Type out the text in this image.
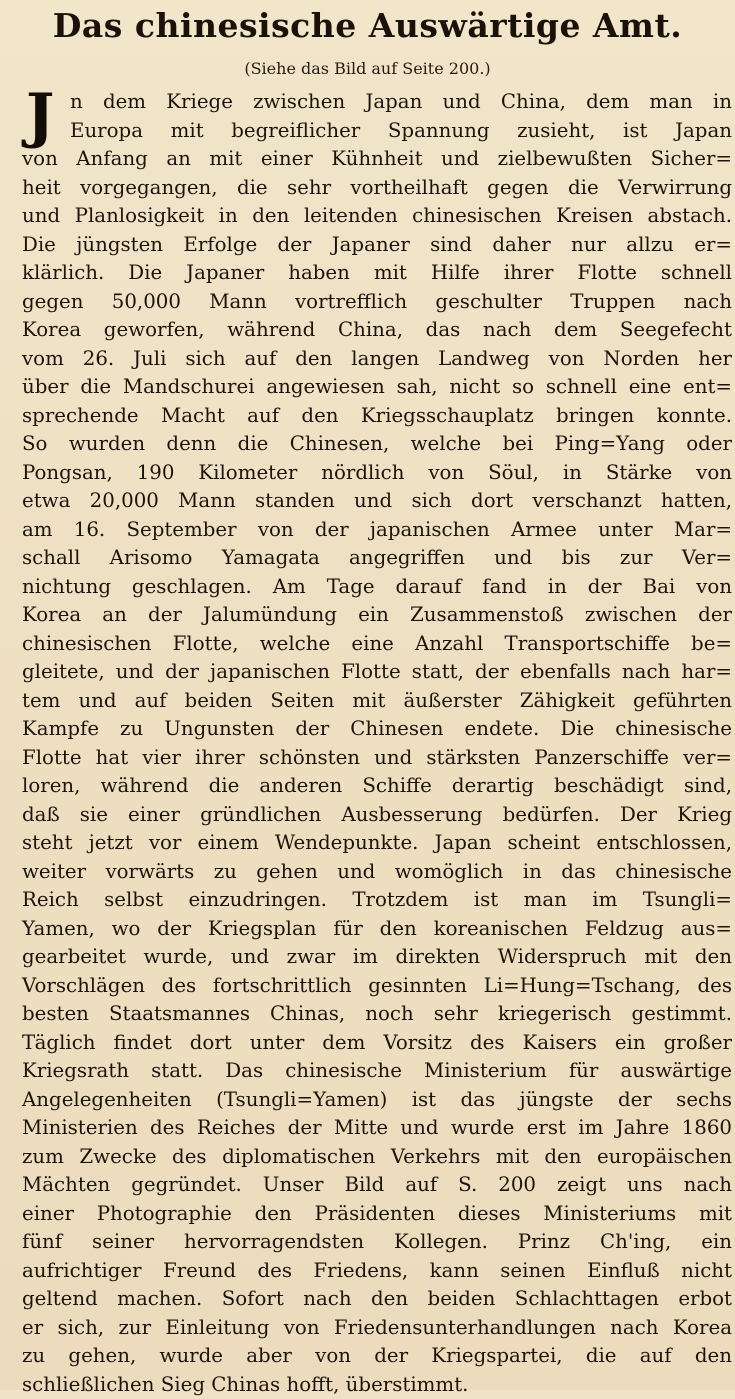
Das chinesische Auswärtige Amt.
(Siehe das Bild auf Seite 200.)
J n dem Kriege zwischen Japan und China, dem man in
Europa mit begreiflicher Spannung zusieht, ist Japan
von Anfang an mit einer Kühnheit und zielbewußten Sicher=
heit vorgegangen, die sehr vortheilhaft gegen die Verwirrung
und Planlosigkeit in den leitenden chinesischen Kreisen abstach.
Die jüngsten Erfolge der Japaner sind daher nur allzu er=
klärlich. Die Japaner haben mit Hilfe ihrer Flotte schnell
gegen 50,000 Mann vortrefflich geschulter Truppen nach
Korea geworfen, während China, das nach dem Seegefecht
vom 26. Juli sich auf den langen Landweg von Norden her
über die Mandschurei angewiesen sah, nicht so schnell eine ent=
sprechende Macht auf den Kriegsschauplatz bringen konnte.
So wurden denn die Chinesen, welche bei Ping=Yang oder
Pongsan, 190 Kilometer nördlich von Söul, in Stärke von
etwa 20,000 Mann standen und sich dort verschanzt hatten,
am 16. September von der japanischen Armee unter Mar=
schall Arisomo Yamagata angegriffen und bis zur Ver=
nichtung geschlagen. Am Tage darauf fand in der Bai von
Korea an der Jalumündung ein Zusammenstoß zwischen der
chinesischen Flotte, welche eine Anzahl Transportschiffe be=
gleitete, und der japanischen Flotte statt, der ebenfalls nach har=
tem und auf beiden Seiten mit äußerster Zähigkeit geführten
Kampfe zu Ungunsten der Chinesen endete. Die chinesische
Flotte hat vier ihrer schönsten und stärksten Panzerschiffe ver=
loren, während die anderen Schiffe derartig beschädigt sind,
daß sie einer gründlichen Ausbesserung bedürfen. Der Krieg
steht jetzt vor einem Wendepunkte. Japan scheint entschlossen,
weiter vorwärts zu gehen und womöglich in das chinesische
Reich selbst einzudringen. Trotzdem ist man im Tsungli=
Yamen, wo der Kriegsplan für den koreanischen Feldzug aus=
gearbeitet wurde, und zwar im direkten Widerspruch mit den
Vorschlägen des fortschrittlich gesinnten Li=Hung=Tschang, des
besten Staatsmannes Chinas, noch sehr kriegerisch gestimmt.
Täglich findet dort unter dem Vorsitz des Kaisers ein großer
Kriegsrath statt. Das chinesische Ministerium für auswärtige
Angelegenheiten (Tsungli=Yamen) ist das jüngste der sechs
Ministerien des Reiches der Mitte und wurde erst im Jahre 1860
zum Zwecke des diplomatischen Verkehrs mit den europäischen
Mächten gegründet. Unser Bild auf S. 200 zeigt uns nach
einer Photographie den Präsidenten dieses Ministeriums mit
fünf seiner hervorragendsten Kollegen. Prinz Ch'ing, ein
aufrichtiger Freund des Friedens, kann seinen Einfluß nicht
geltend machen. Sofort nach den beiden Schlachttagen erbot
er sich, zur Einleitung von Friedensunterhandlungen nach Korea
zu gehen, wurde aber von der Kriegspartei, die auf den
schließlichen Sieg Chinas hofft, überstimmt.
